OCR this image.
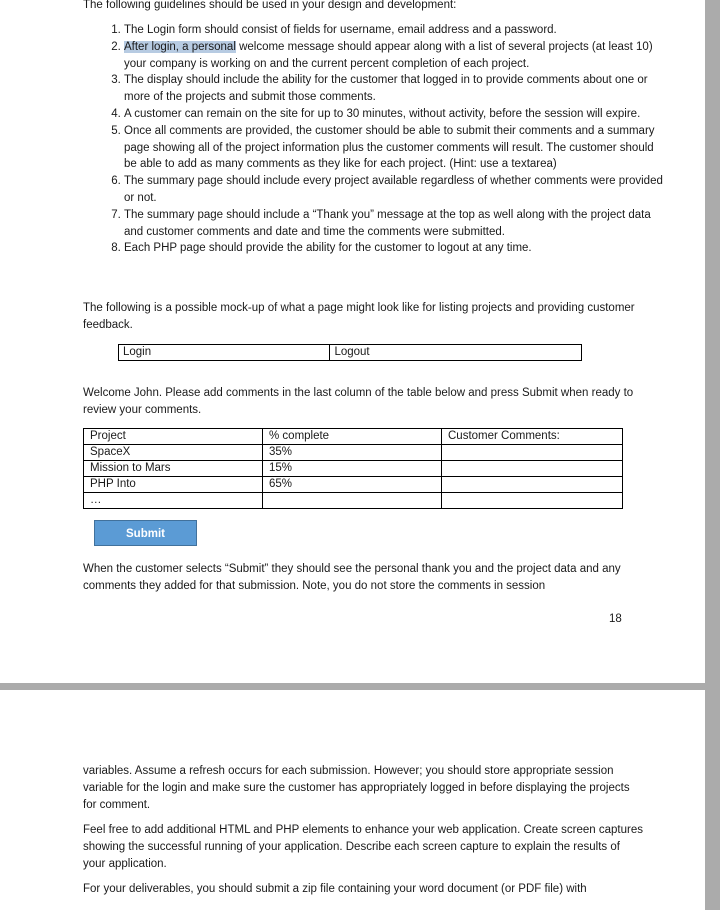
The following guidelines should be used in your design and development:
1. The Login form should consist of fields for username, email address and a password.
2. After login, a personal welcome message should appear along with a list of several projects (at least 10) your company is working on and the current percent completion of each project.
3. The display should include the ability for the customer that logged in to provide comments about one or more of the projects and submit those comments.
4. A customer can remain on the site for up to 30 minutes, without activity, before the session will expire.
5. Once all comments are provided, the customer should be able to submit their comments and a summary page showing all of the project information plus the customer comments will result. The customer should be able to add as many comments as they like for each project. (Hint: use a textarea)
6. The summary page should include every project available regardless of whether comments were provided or not.
7. The summary page should include a “Thank you” message at the top as well along with the project data and customer comments and date and time the comments were submitted.
8. Each PHP page should provide the ability for the customer to logout at any time.
The following is a possible mock-up of what a page might look like for listing projects and providing customer feedback.
Login	Logout
Welcome John. Please add comments in the last column of the table below and press Submit when ready to review your comments.
Project	% complete	Customer Comments:
SpaceX	35%	
Mission to Mars	15%	
PHP Into	65%	
…		
Submit
When the customer selects “Submit” they should see the personal thank you and the project data and any comments they added for that submission. Note, you do not store the comments in session
18
variables. Assume a refresh occurs for each submission. However; you should store appropriate session variable for the login and make sure the customer has appropriately logged in before displaying the projects for comment.
Feel free to add additional HTML and PHP elements to enhance your web application. Create screen captures showing the successful running of your application. Describe each screen capture to explain the results of your application.
For your deliverables, you should submit a zip file containing your word document (or PDF file) with
